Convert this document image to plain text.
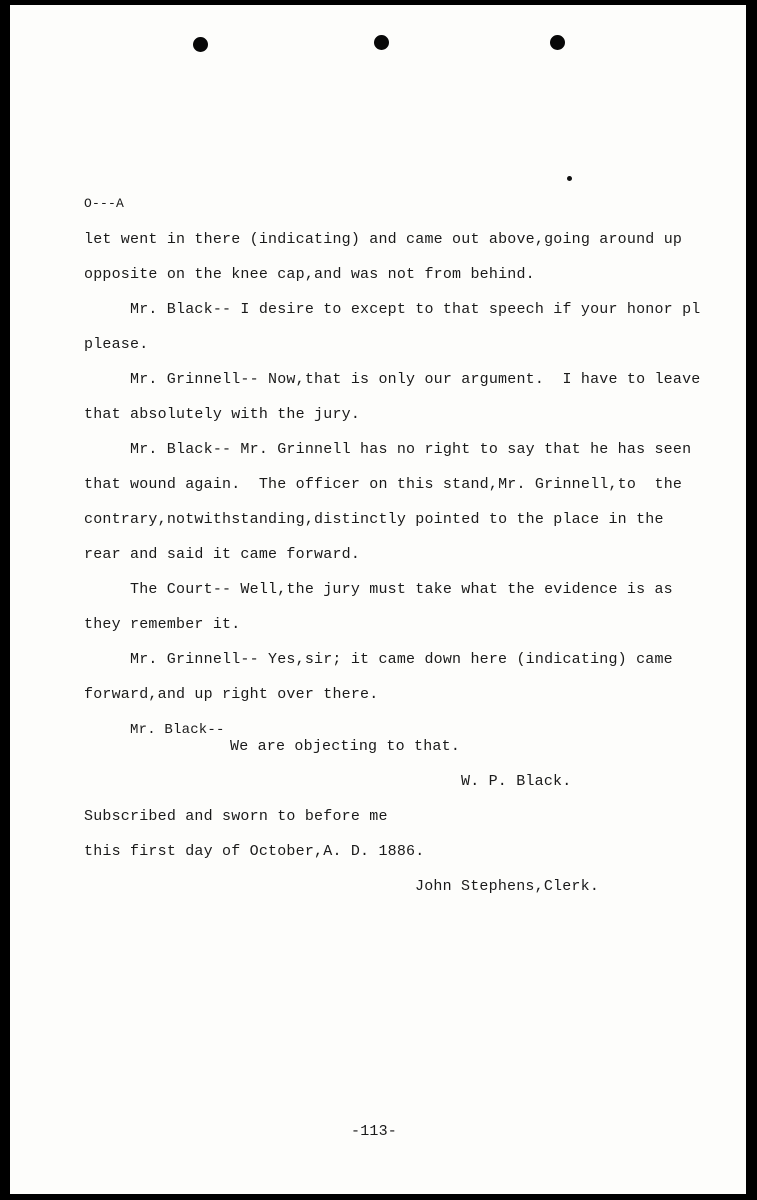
O---A
let went in there (indicating) and came out above,going around up
opposite on the knee cap,and was not from behind.
Mr. Black-- I desire to except to that speech if your honor pl
please.
Mr. Grinnell-- Now,that is only our argument.  I have to leave
that absolutely with the jury.
Mr. Black-- Mr. Grinnell has no right to say that he has seen
that wound again.  The officer on this stand,Mr. Grinnell,to  the
contrary,notwithstanding,distinctly pointed to the place in the
rear and said it came forward.
The Court-- Well,the jury must take what the evidence is as
they remember it.
Mr. Grinnell-- Yes,sir; it came down here (indicating) came
forward,and up right over there.
Mr. Black--
We are objecting to that.
W. P. Black.
Subscribed and sworn to before me
this first day of October,A. D. 1886.
John Stephens,Clerk.
-113-
